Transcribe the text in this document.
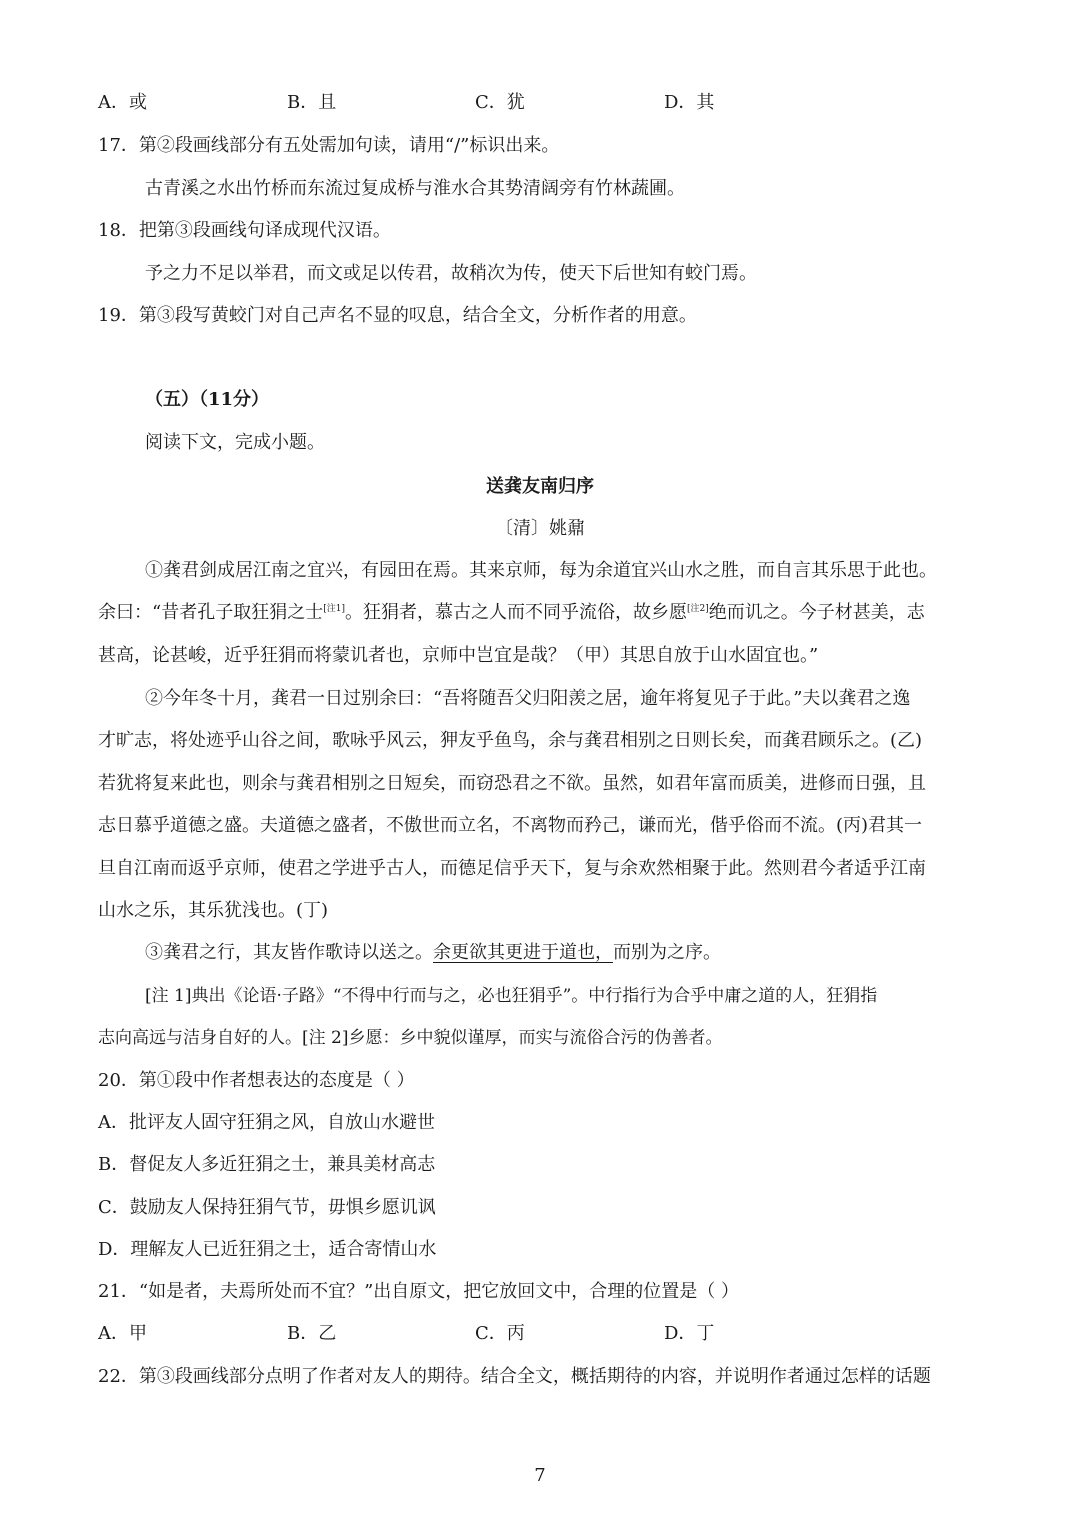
A．或	B．且	C．犹	D．其
17．第②段画线部分有五处需加句读，请用“/”标识出来。
古青溪之水出竹桥而东流过复成桥与淮水合其势清阔旁有竹林蔬圃。
18．把第③段画线句译成现代汉语。
予之力不足以举君，而文或足以传君，故稍次为传，使天下后世知有蛟门焉。
19．第③段写黄蛟门对自己声名不显的叹息，结合全文，分析作者的用意。
（五）（11分）
阅读下文，完成小题。
送龚友南归序
〔清〕姚鼐
①龚君剑成居江南之宜兴，有园田在焉。其来京师，每为余道宜兴山水之胜，而自言其乐思于此也。
余曰：“昔者孔子取狂狷之士[注1]。狂狷者，慕古之人而不同乎流俗，故乡愿[注2]绝而讥之。今子材甚美，志
甚高，论甚峻，近乎狂狷而将蒙讥者也，京师中岂宜是哉？（甲）其思自放于山水固宜也。”
②今年冬十月，龚君一日过别余曰：“吾将随吾父归阳羡之居，逾年将复见子于此。”夫以龚君之逸
才旷志，将处迹乎山谷之间，歌咏乎风云，狎友乎鱼鸟，余与龚君相别之日则长矣，而龚君顾乐之。(乙)
若犹将复来此也，则余与龚君相别之日短矣，而窃恐君之不欲。虽然，如君年富而质美，进修而日强，且
志日慕乎道德之盛。夫道德之盛者，不傲世而立名，不离物而矜己，谦而光，偕乎俗而不流。(丙)君其一
旦自江南而返乎京师，使君之学进乎古人，而德足信乎天下，复与余欢然相聚于此。然则君今者适乎江南
山水之乐，其乐犹浅也。(丁)
③龚君之行，其友皆作歌诗以送之。余更欲其更进于道也，而别为之序。
[注 1]典出《论语·子路》“不得中行而与之，必也狂狷乎”。中行指行为合乎中庸之道的人，狂狷指
志向高远与洁身自好的人。[注 2]乡愿：乡中貌似谨厚，而实与流俗合污的伪善者。
20．第①段中作者想表达的态度是（ ）
A．批评友人固守狂狷之风，自放山水避世
B．督促友人多近狂狷之士，兼具美材高志
C．鼓励友人保持狂狷气节，毋惧乡愿讥讽
D．理解友人已近狂狷之士，适合寄情山水
21．“如是者，夫焉所处而不宜？”出自原文，把它放回文中，合理的位置是（ ）
A．甲	B．乙	C．丙	D．丁
22．第③段画线部分点明了作者对友人的期待。结合全文，概括期待的内容，并说明作者通过怎样的话题
7
